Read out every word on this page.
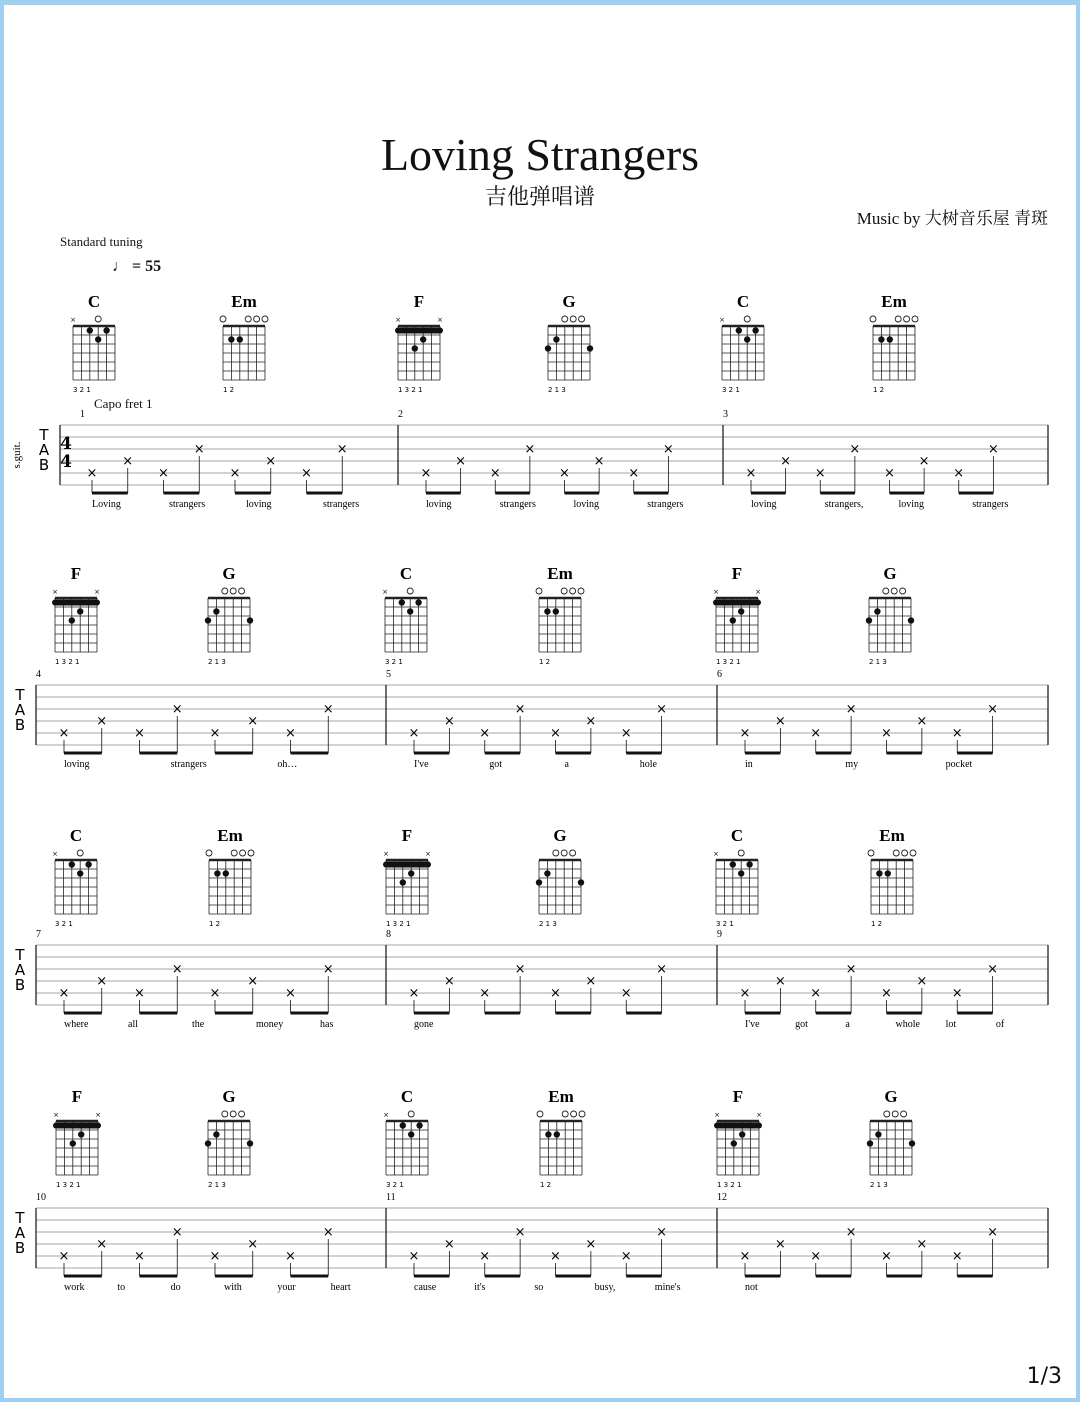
Loving Strangers
吉他弹唱谱
Music by 大树音乐屋 青斑
Standard tuning
♩ = 55
Capo fret 1
C
×
3 2 1
Em
1 2
F
×	×
1 3 2 1
G
2 1 3
C
×
3 2 1
Em
1 2
T
A
B
4
4
s.guit.
1
×
×
×
×
×
×
×
×
Loving	strangers	loving	strangers
2
×
×
×
×
×
×
×
×
loving	strangers	loving	strangers
3
×
×
×
×
×
×
×
×
loving	strangers,	loving	strangers
F
×	×
1 3 2 1
G
2 1 3
C
×
3 2 1
Em
1 2
F
×	×
1 3 2 1
G
2 1 3
T
A
B
4
×
×
×
×
×
×
×
×
loving	strangers	oh…
5
×
×
×
×
×
×
×
×
I've	got	a	hole
6
×
×
×
×
×
×
×
×
in	my	pocket
C
×
3 2 1
Em
1 2
F
×	×
1 3 2 1
G
2 1 3
C
×
3 2 1
Em
1 2
T
A
B
7
×
×
×
×
×
×
×
×
where	all	the	money	has
8
×
×
×
×
×
×
×
×
gone
9
×
×
×
×
×
×
×
×
I've	got	a	whole	lot	of
F
×	×
1 3 2 1
G
2 1 3
C
×
3 2 1
Em
1 2
F
×	×
1 3 2 1
G
2 1 3
T
A
B
10
×
×
×
×
×
×
×
×
work	to	do	with	your	heart
11
×
×
×
×
×
×
×
×
cause	it's	so	busy,	mine's
12
×
×
×
×
×
×
×
×
not
1/3
